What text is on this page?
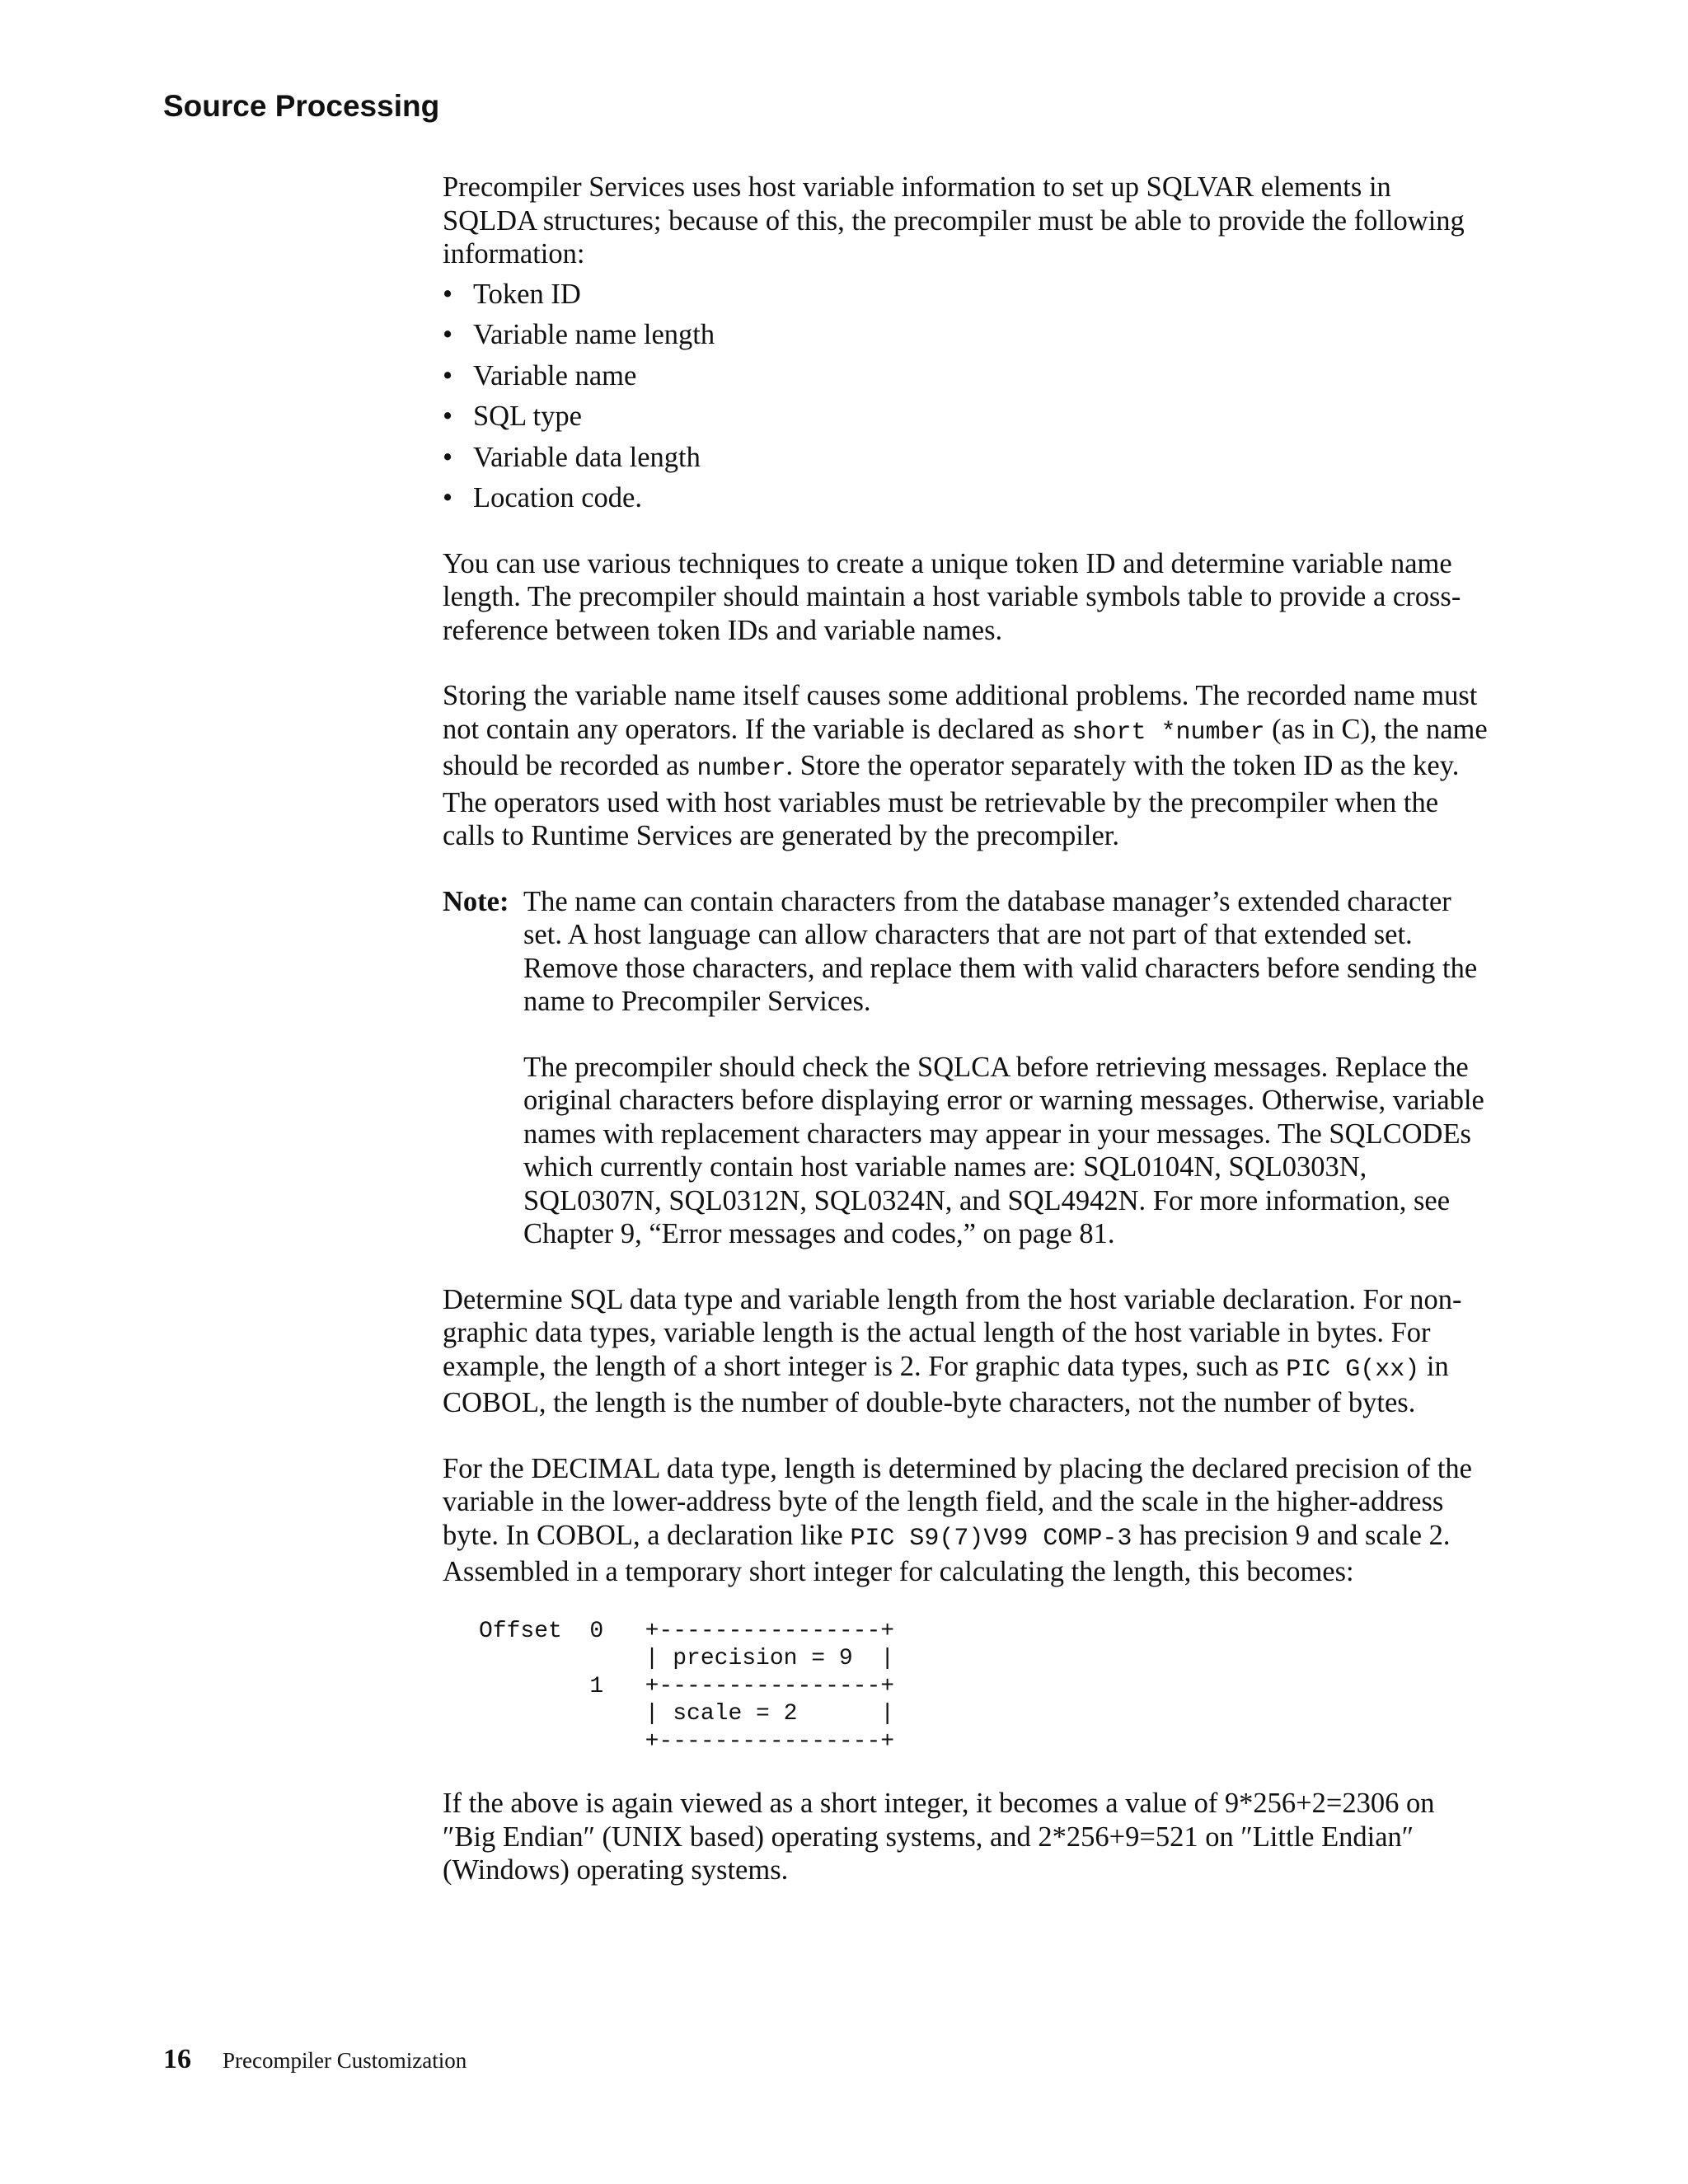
Source Processing

Precompiler Services uses host variable information to set up SQLVAR elements in SQLDA structures; because of this, the precompiler must be able to provide the following information:

• Token ID
• Variable name length
• Variable name
• SQL type
• Variable data length
• Location code.

You can use various techniques to create a unique token ID and determine variable name length. The precompiler should maintain a host variable symbols table to provide a cross-reference between token IDs and variable names.

Storing the variable name itself causes some additional problems. The recorded name must not contain any operators. If the variable is declared as short *number (as in C), the name should be recorded as number. Store the operator separately with the token ID as the key. The operators used with host variables must be retrievable by the precompiler when the calls to Runtime Services are generated by the precompiler.

Note: The name can contain characters from the database manager’s extended character set. A host language can allow characters that are not part of that extended set. Remove those characters, and replace them with valid characters before sending the name to Precompiler Services.

The precompiler should check the SQLCA before retrieving messages. Replace the original characters before displaying error or warning messages. Otherwise, variable names with replacement characters may appear in your messages. The SQLCODEs which currently contain host variable names are: SQL0104N, SQL0303N, SQL0307N, SQL0312N, SQL0324N, and SQL4942N. For more information, see Chapter 9, “Error messages and codes,” on page 81.

Determine SQL data type and variable length from the host variable declaration. For non-graphic data types, variable length is the actual length of the host variable in bytes. For example, the length of a short integer is 2. For graphic data types, such as PIC G(xx) in COBOL, the length is the number of double-byte characters, not the number of bytes.

For the DECIMAL data type, length is determined by placing the declared precision of the variable in the lower-address byte of the length field, and the scale in the higher-address byte. In COBOL, a declaration like PIC S9(7)V99 COMP-3 has precision 9 and scale 2. Assembled in a temporary short integer for calculating the length, this becomes:

Offset  0   +----------------+
| precision = 9  |
1   +----------------+
| scale = 2      |
+----------------+

If the above is again viewed as a short integer, it becomes a value of 9*256+2=2306 on ″Big Endian″ (UNIX based) operating systems, and 2*256+9=521 on ″Little Endian″ (Windows) operating systems.

16 Precompiler Customization
